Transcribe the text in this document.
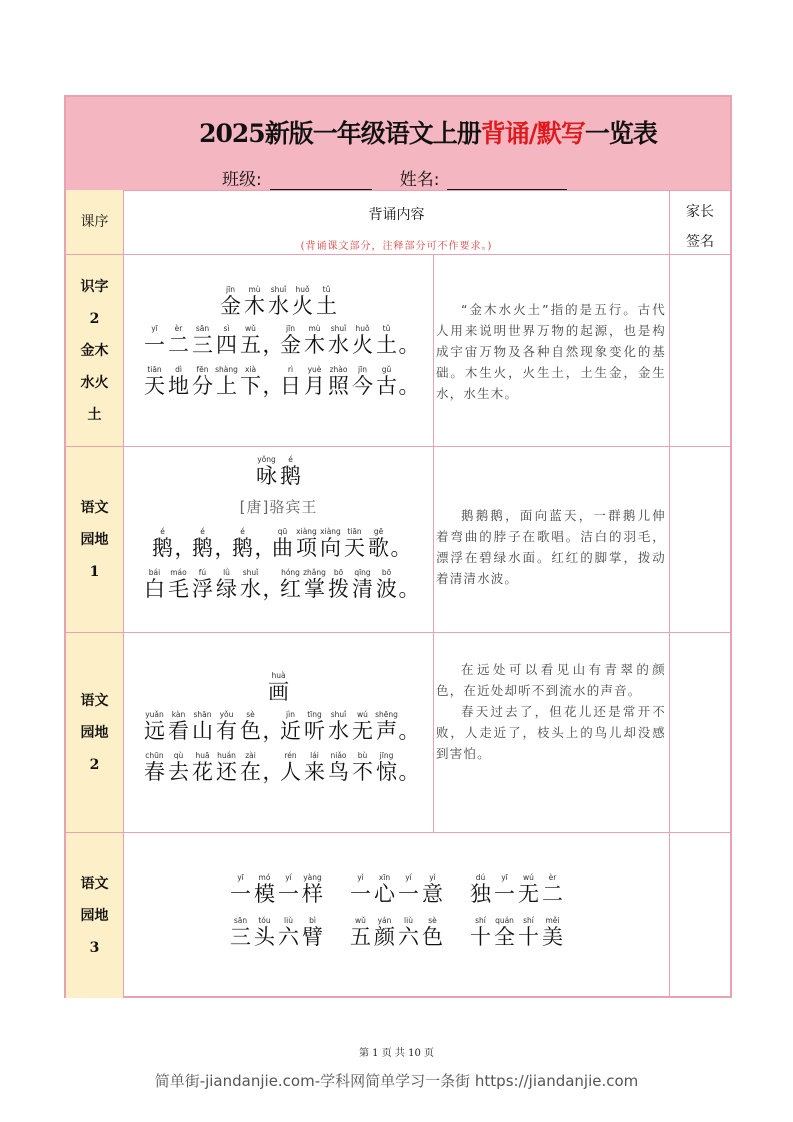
2025新版一年级语文上册背诵/默写一览表
班级:	姓名:
课序	背诵内容
(背诵课文部分，注释部分可不作要求。)
家长
签名
识字
2
金木
水火
土
jīn
金
mù
木
shuǐ
水
huǒ
火
tǔ
土
yī
一
èr
二
sān
三
sì
四
wǔ
五 ，
jīn
金
mù
木
shuǐ
水
huǒ
火
tǔ
土 。
tiān
天
dì
地
fēn
分
shàng
上
xià
下 ，
rì
日
yuè
月
zhào
照
jīn
今
gǔ
古 。

“金木水火土”指的是五行。古代人用来说明世界万物的起源，也是构成宇宙万物及各种自然现象变化的基础。木生火，火生土，土生金，金生水，水生木。

语文
园地
1
yǒng
咏
é
鹅
[唐]骆宾王
é
鹅 ，
é
鹅 ，
é
鹅 ，
qū
曲
xiàng
项
xiàng
向
tiān
天
gē
歌 。
bái
白
máo
毛
fú
浮
lǜ
绿
shuǐ
水 ，
hóng
红
zhǎng
掌
bō
拨
qīng
清
bō
波 。

鹅鹅鹅，面向蓝天，一群鹅儿伸着弯曲的脖子在歌唱。洁白的羽毛，漂浮在碧绿水面。红红的脚掌，拨动着清清水波。

语文
园地
2
huà
画
yuǎn
远
kàn
看
shān
山
yǒu
有
sè
色 ，
jìn
近
tīng
听
shuǐ
水
wú
无
shēng
声 。
chūn
春
qù
去
huā
花
huán
还
zài
在 ，
rén
人
lái
来
niǎo
鸟
bù
不
jīng
惊 。

在远处可以看见山有青翠的颜色，在近处却听不到流水的声音。

春天过去了，但花儿还是常开不败，人走近了，枝头上的鸟儿却没感到害怕。

语文
园地
3
yī
一
mó
模
yí
一
yàng
样
yì
一
xīn
心
yí
一
yì
意
dú
独
yī
一
wú
无
èr
二
sān
三
tóu
头
liù
六
bì
臂
wǔ
五
yán
颜
liù
六
sè
色
shí
十
quán
全
shí
十
měi
美
第 1 页 共 10 页
简单街-jiandanjie.com-学科网简单学习一条街 https://jiandanjie.com
